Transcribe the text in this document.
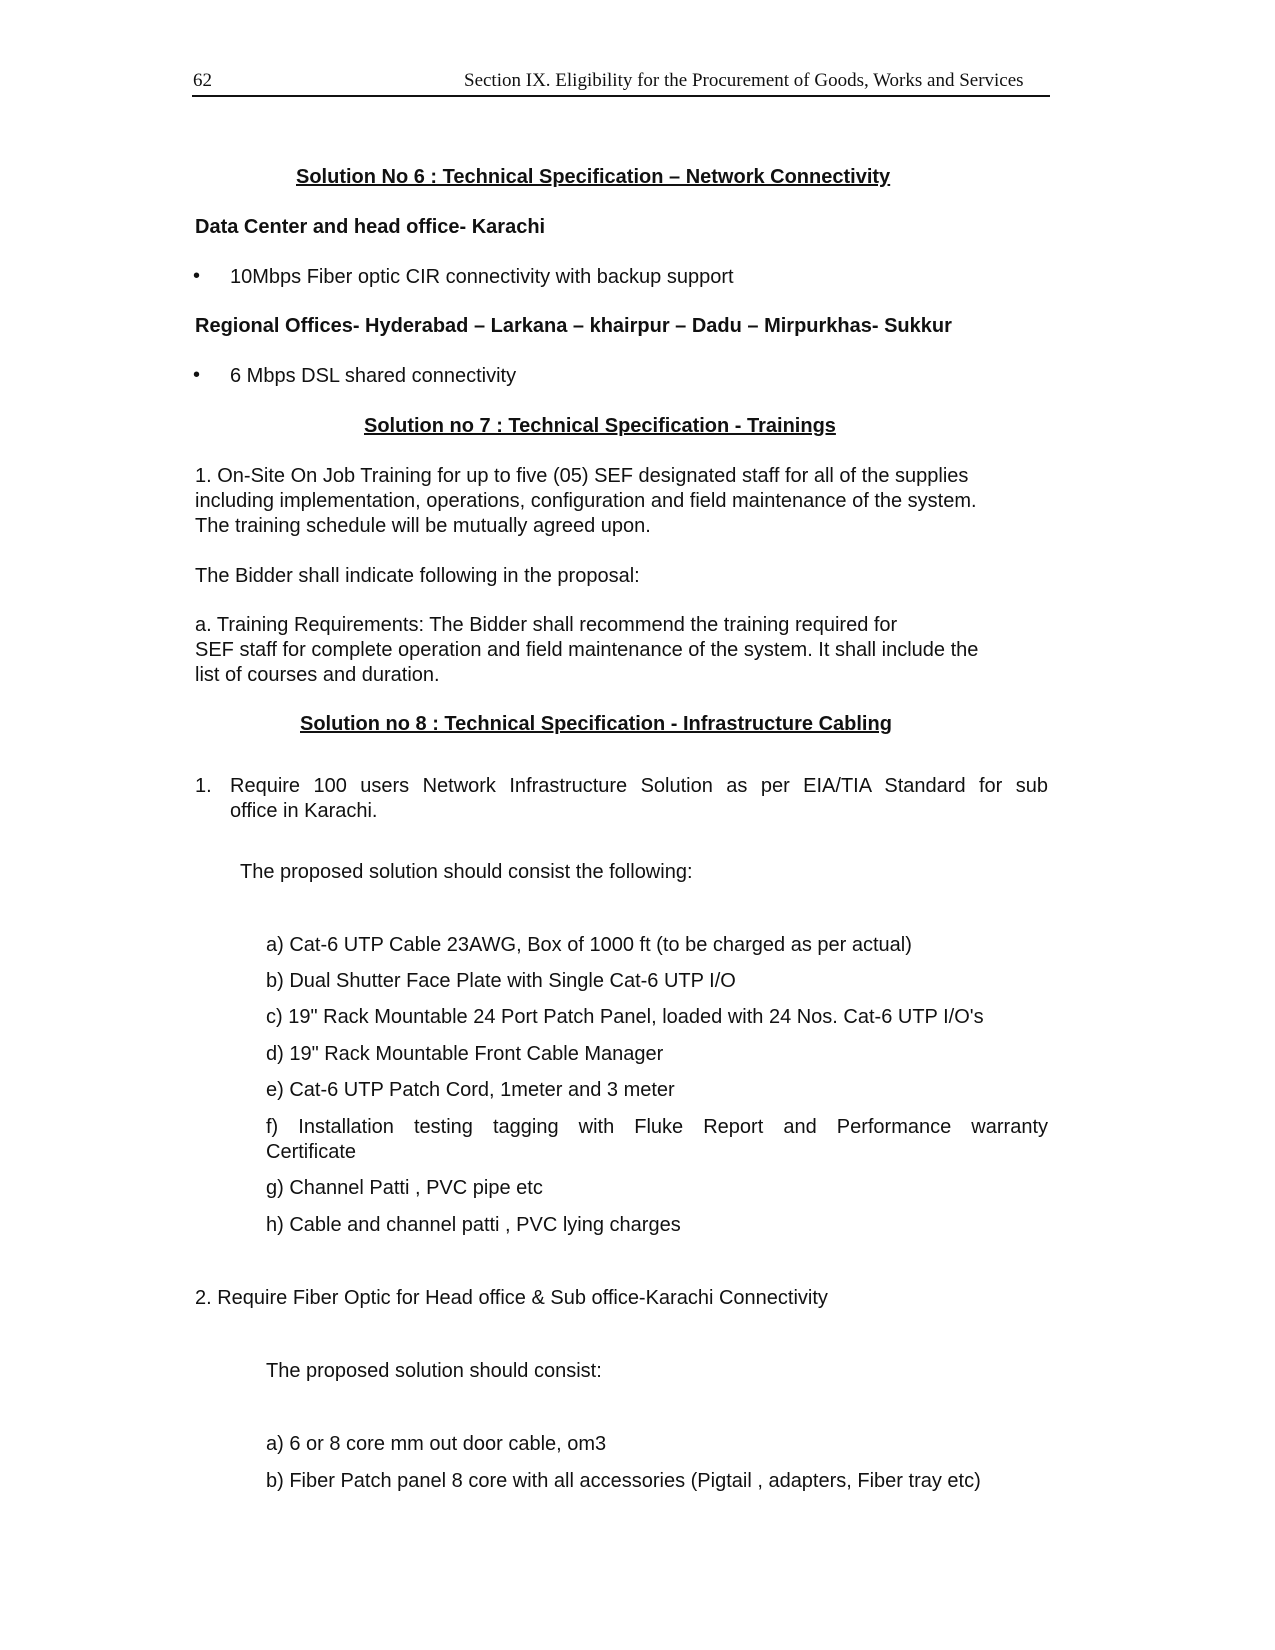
62	Section IX. Eligibility for the Procurement of Goods, Works and Services
Solution No 6 : Technical Specification – Network Connectivity
Data Center and head office- Karachi
• 10Mbps Fiber optic CIR connectivity with backup support
Regional Offices- Hyderabad – Larkana – khairpur – Dadu – Mirpurkhas- Sukkur
• 6 Mbps DSL shared connectivity
Solution no 7 : Technical Specification - Trainings
1. On-Site On Job Training for up to five (05) SEF designated staff for all of the supplies
including implementation, operations, configuration and field maintenance of the system.
The training schedule will be mutually agreed upon.
The Bidder shall indicate following in the proposal:
a. Training Requirements: The Bidder shall recommend the training required for
SEF staff for complete operation and field maintenance of the system. It shall include the
list of courses and duration.
Solution no 8 : Technical Specification - Infrastructure Cabling
1. Require 100 users Network Infrastructure Solution as per EIA/TIA Standard for sub
office in Karachi.
The proposed solution should consist the following:
a) Cat-6 UTP Cable 23AWG, Box of 1000 ft (to be charged as per actual)
b) Dual Shutter Face Plate with Single Cat-6 UTP I/O
c) 19" Rack Mountable 24 Port Patch Panel, loaded with 24 Nos. Cat-6 UTP I/O's
d) 19" Rack Mountable Front Cable Manager
e) Cat-6 UTP Patch Cord, 1meter and 3 meter
f) Installation testing tagging with Fluke Report and Performance warranty
Certificate
g) Channel Patti , PVC pipe etc
h) Cable and channel patti , PVC lying charges
2. Require Fiber Optic for Head office & Sub office-Karachi Connectivity
The proposed solution should consist:
a) 6 or 8 core mm out door cable, om3
b) Fiber Patch panel 8 core with all accessories (Pigtail , adapters, Fiber tray etc)
